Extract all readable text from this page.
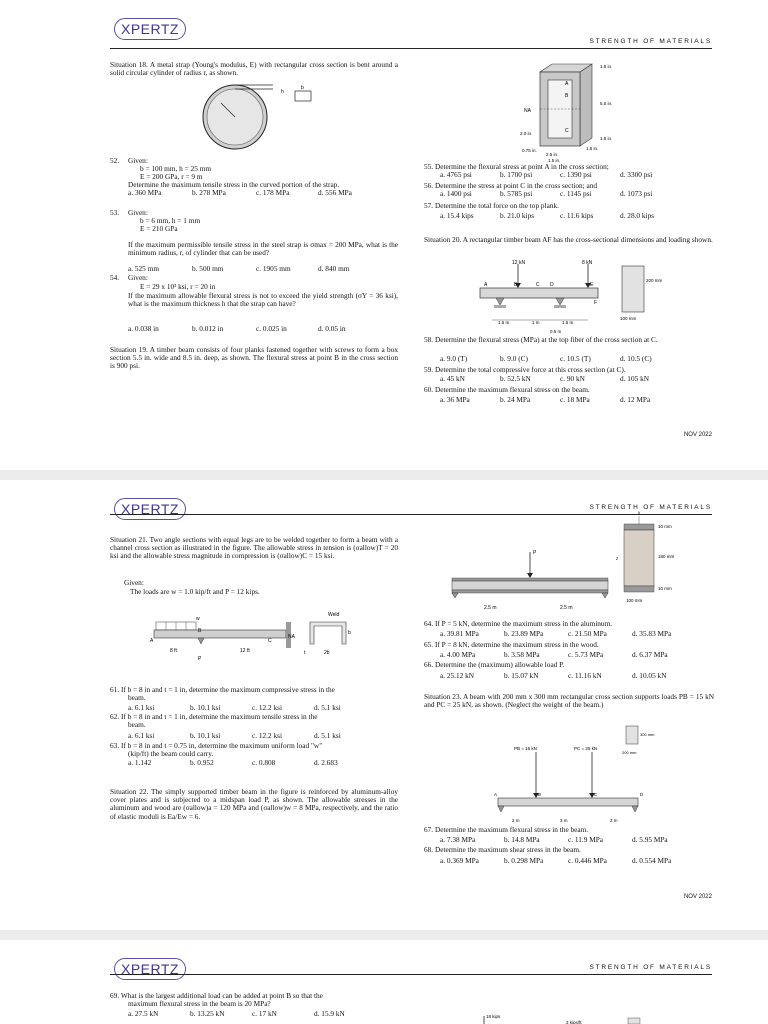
XPERTZ
STRENGTH OF MATERIALS
Situation 18. A metal strap (Young's modulus, E) with rectangular cross section is bent around a solid circular cylinder of radius r, as shown.
h
b
52. Given:
b = 100 mm, h = 25 mm
E = 200 GPa, r = 9 m
Determine the maximum tensile stress in the curved portion of the strap.
a. 360 MPa	b. 278 MPa	c. 178 MPa	d. 556 MPa
53. Given:
b = 6 mm, h = 1 mm
E = 210 GPa
If the maximum permissible tensile stress in the steel strap is σmax = 200 MPa, what is the minimum radius, r, of cylinder that can be used?
a. 525 mm	b. 500 mm	c. 1905 mm	d. 840 mm
54. Given:
E = 29 x 10³ ksi, r = 20 in
If the maximum allowable flexural stress is not to exceed the yield strength (σY = 36 ksi), what is the maximum thickness h that the strap can have?
a. 0.038 in	b. 0.012 in	c. 0.025 in	d. 0.05 in
Situation 19. A timber beam consists of four planks fastened together with screws to form a box section 5.5 in. wide and 8.5 in. deep, as shown. The flexural stress at point B in the cross section is 900 psi.
A
B
C
1.5 in.
NA
5.5 in.
2.0 in.
1.5 in.
0.75 in.
2.5 in.
1.5 in.
1.5 in.
55. Determine the flexural stress at point A in the cross section;
a. 4765 psi	b. 1700 psi	c. 1390 psi	d. 3300 psi
56. Determine the stress at point C in the cross section; and
a. 1400 psi	b. 5785 psi	c. 1145 psi	d. 1073 psi
57. Determine the total force on the top plank.
a. 15.4 kips	b. 21.0 kips	c. 11.6 kips	d. 28.0 kips
Situation 20. A rectangular timber beam AF has the cross-sectional dimensions and loading shown.
12 kN	8 kN
A	B	C D	E
F
1.5 m	1 m	1.5 m
0.5 m
200 mm
100 mm
58. Determine the flexural stress (MPa) at the top fiber of the cross section at C.
a. 9.0 (T)	b. 9.0 (C)	c. 10.5 (T)	d. 10.5 (C)
59. Determine the total compressive force at this cross section (at C).
a. 45 kN	b. 52.5 kN	c. 90 kN	d. 105 kN
60. Determine the maximum flexural stress on the beam.
a. 36 MPa	b. 24 MPa	c. 18 MPa	d. 12 MPa
NOV 2022
XPERTZ	STRENGTH OF MATERIALS
Situation 21. Two angle sections with equal legs are to be welded together to form a beam with a channel cross section as illustrated in the figure. The allowable stress in tension is (σallow)T = 20 ksi and the allowable stress magnitude in compression is (σallow)C = 15 ksi.
Given:
The loads are w = 1.0 kip/ft and P = 12 kips.
w
A
B
C
P
8 ft	12 ft
Weld
NA
t
b
2b
61. If b = 8 in and t = 1 in, determine the maximum compressive stress in the
beam.
a. 6.1 ksi	b. 10.1 ksi	c. 12.2 ksi	d. 5.1 ksi
62. If b = 8 in and t = 1 in, determine the maximum tensile stress in the
beam.
a. 6.1 ksi	b. 10.1 ksi	c. 12.2 ksi	d. 5.1 ksi
63. If b = 8 in and t = 0.75 in, determine the maximum uniform load "w"
(kip/ft) the beam could carry.
a. 1.142	b. 0.952	c. 0.808	d. 2.683
Situation 22. The simply supported timber beam in the figure is reinforced by aluminum-alloy cover plates and is subjected to a midspan load P, as shown. The allowable stresses in the aluminum and wood are (σallow)a = 120 MPa and (σallow)w = 8 MPa, respectively, and the ratio of elastic moduli is Ea/Ew = 6.
P
2.5 m	2.5 m
y
z
10 mm
180 mm
10 mm
100 mm
64. If P = 5 kN, determine the maximum stress in the aluminum.
a. 39.81 MPa	b. 23.89 MPa	c. 21.50 MPa	d. 35.83 MPa
65. If P = 8 kN, determine the maximum stress in the wood.
a. 4.00 MPa	b. 3.58 MPa	c. 5.73 MPa	d. 6.37 MPa
66. Determine the (maximum) allowable load P.
a. 25.12 kN	b. 15.07 kN	c. 11.16 kN	d. 10.05 kN
Situation 23. A beam with 200 mm x 300 mm rectangular cross section supports loads PB = 15 kN and PC = 25 kN, as shown. (Neglect the weight of the beam.)
PB = 15 kN	PC = 25 kN
A	B	C	D
2 m	3 m	2 m
300 mm
200 mm
67. Determine the maximum flexural stress in the beam.
a. 7.38 MPa	b. 14.8 MPa	c. 11.9 MPa	d. 5.95 MPa
68. Determine the maximum shear stress in the beam.
a. 0.369 MPa	b. 0.298 MPa	c. 0.446 MPa	d. 0.554 MPa
NOV 2022
XPERTZ	STRENGTH OF MATERIALS
69. What is the largest additional load can be added at point B so that the
maximum flexural stress in the beam is 20 MPa?
a. 27.5 kN	b. 13.25 kN	c. 17 kN	d. 15.9 kN	18 kips
3 kips/ft
